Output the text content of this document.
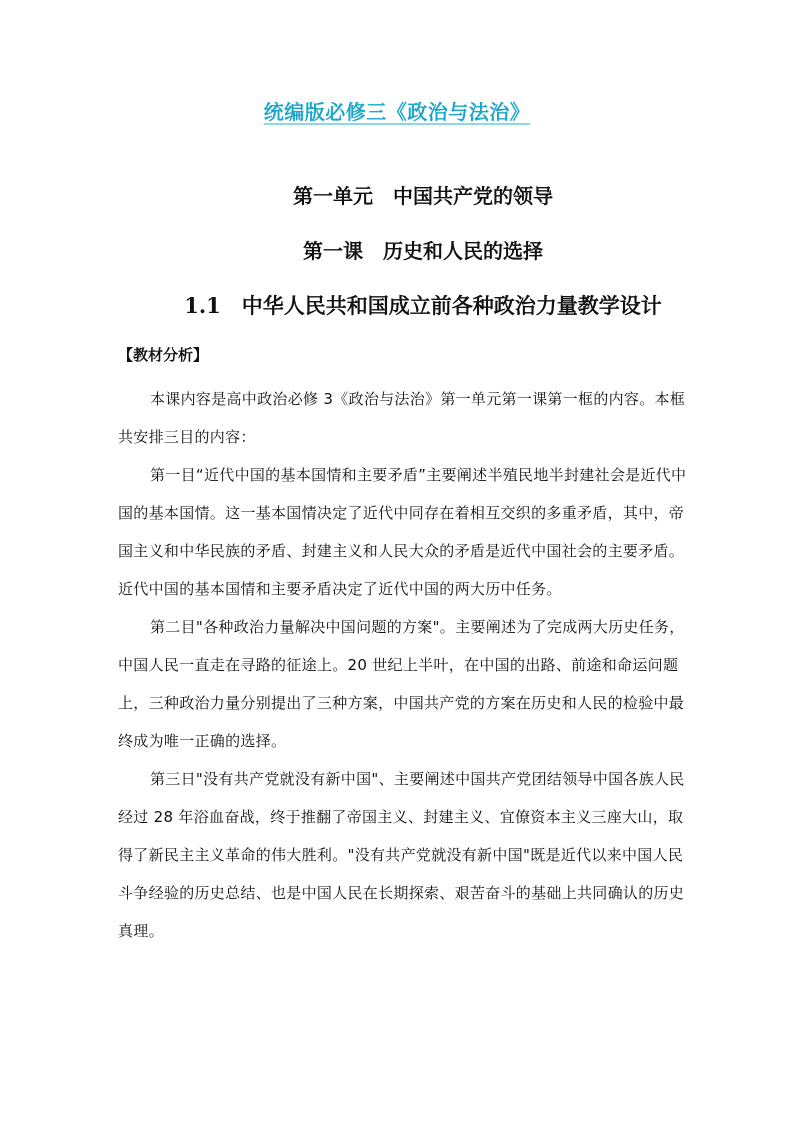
统编版必修三《政治与法治》
第一单元　中国共产党的领导
第一课　历史和人民的选择
1.1　中华人民共和国成立前各种政治力量教学设计
【教材分析】

本课内容是高中政治必修 3《政治与法治》第一单元第一课第一框的内容。本框共安排三目的内容：

第一目“近代中国的基本国情和主要矛盾”主要阐述半殖民地半封建社会是近代中国的基本国情。这一基本国情决定了近代中同存在着相互交织的多重矛盾，其中，帝国主义和中华民族的矛盾、封建主义和人民大众的矛盾是近代中国社会的主要矛盾。近代中国的基本国情和主要矛盾决定了近代中国的两大历中任务。

第二目"各种政治力量解决中国问题的方案"。主要阐述为了完成两大历史任务，中国人民一直走在寻路的征途上。20 世纪上半叶，在中国的出路、前途和命运问题上，三种政治力量分别提出了三种方案，中国共产党的方案在历史和人民的检验中最终成为唯一正确的选择。

第三日"没有共产党就没有新中国"、主要阐述中国共产党团结领导中国各族人民经过 28 年浴血奋战，终于推翻了帝国主义、封建主义、宜僚资本主义三座大山，取得了新民主主义革命的伟大胜利。"没有共产党就没有新中国"既是近代以来中国人民斗争经验的历史总结、也是中国人民在长期探索、艰苦奋斗的基础上共同确认的历史真理。
